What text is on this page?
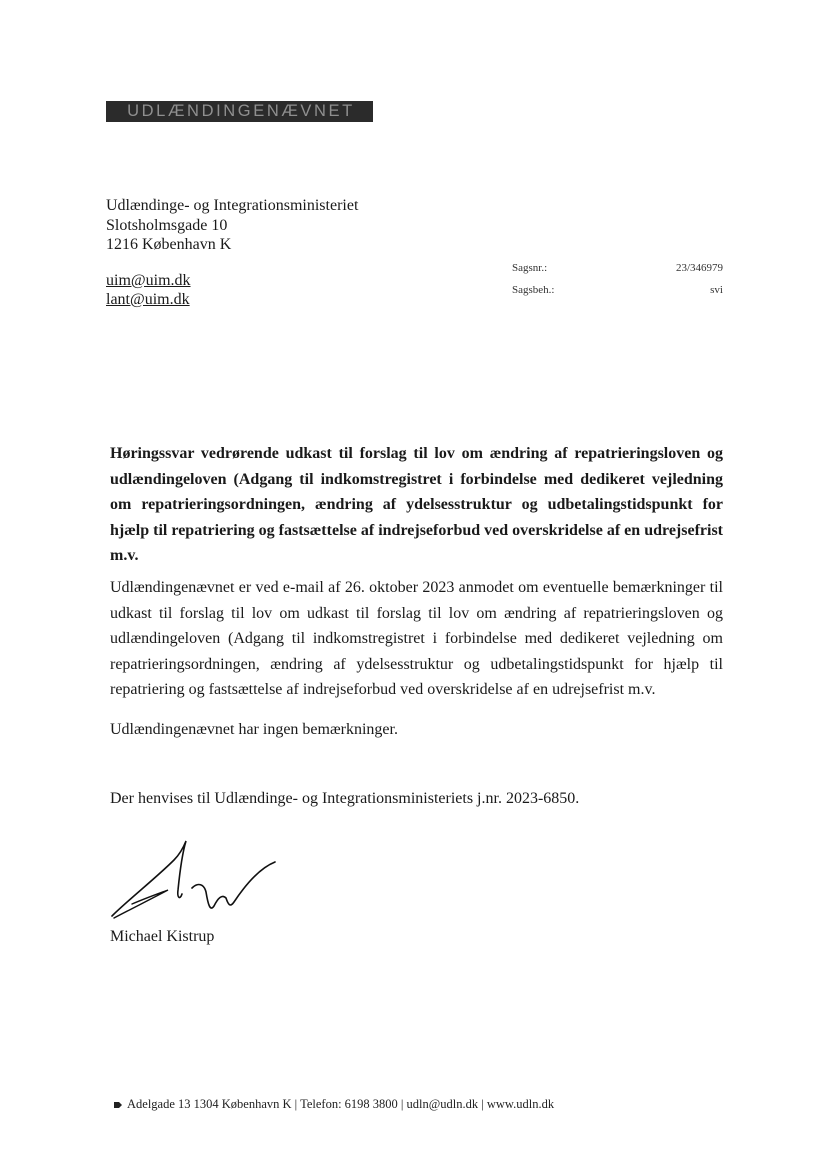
UDLÆNDINGENÆVNET
Udlændinge- og Integrationsministeriet
Slotsholmsgade 10
1216 København K
uim@uim.dk
lant@uim.dk
Sagsnr.:	23/346979
Sagsbeh.:	svi
Høringssvar vedrørende udkast til forslag til lov om ændring af repatrieringsloven og udlændingeloven (Adgang til indkomstregistret i forbindelse med dedikeret vejledning om repatrieringsordningen, ændring af ydelsesstruktur og udbetalingstidspunkt for hjælp til repatriering og fastsættelse af indrejseforbud ved overskridelse af en udrejsefrist m.v.
Udlændingenævnet er ved e-mail af 26. oktober 2023 anmodet om eventuelle bemærkninger til udkast til forslag til lov om udkast til forslag til lov om ændring af repatrieringsloven og udlændingeloven (Adgang til indkomstregistret i forbindelse med dedikeret vejledning om repatrieringsordningen, ændring af ydelsesstruktur og udbetalingstidspunkt for hjælp til repatriering og fastsættelse af indrejseforbud ved overskridelse af en udrejsefrist m.v.
Udlændingenævnet har ingen bemærkninger.
Der henvises til Udlændinge- og Integrationsministeriets j.nr. 2023-6850.
Michael Kistrup
Adelgade 13 1304 København K | Telefon: 6198 3800 | udln@udln.dk | www.udln.dk
